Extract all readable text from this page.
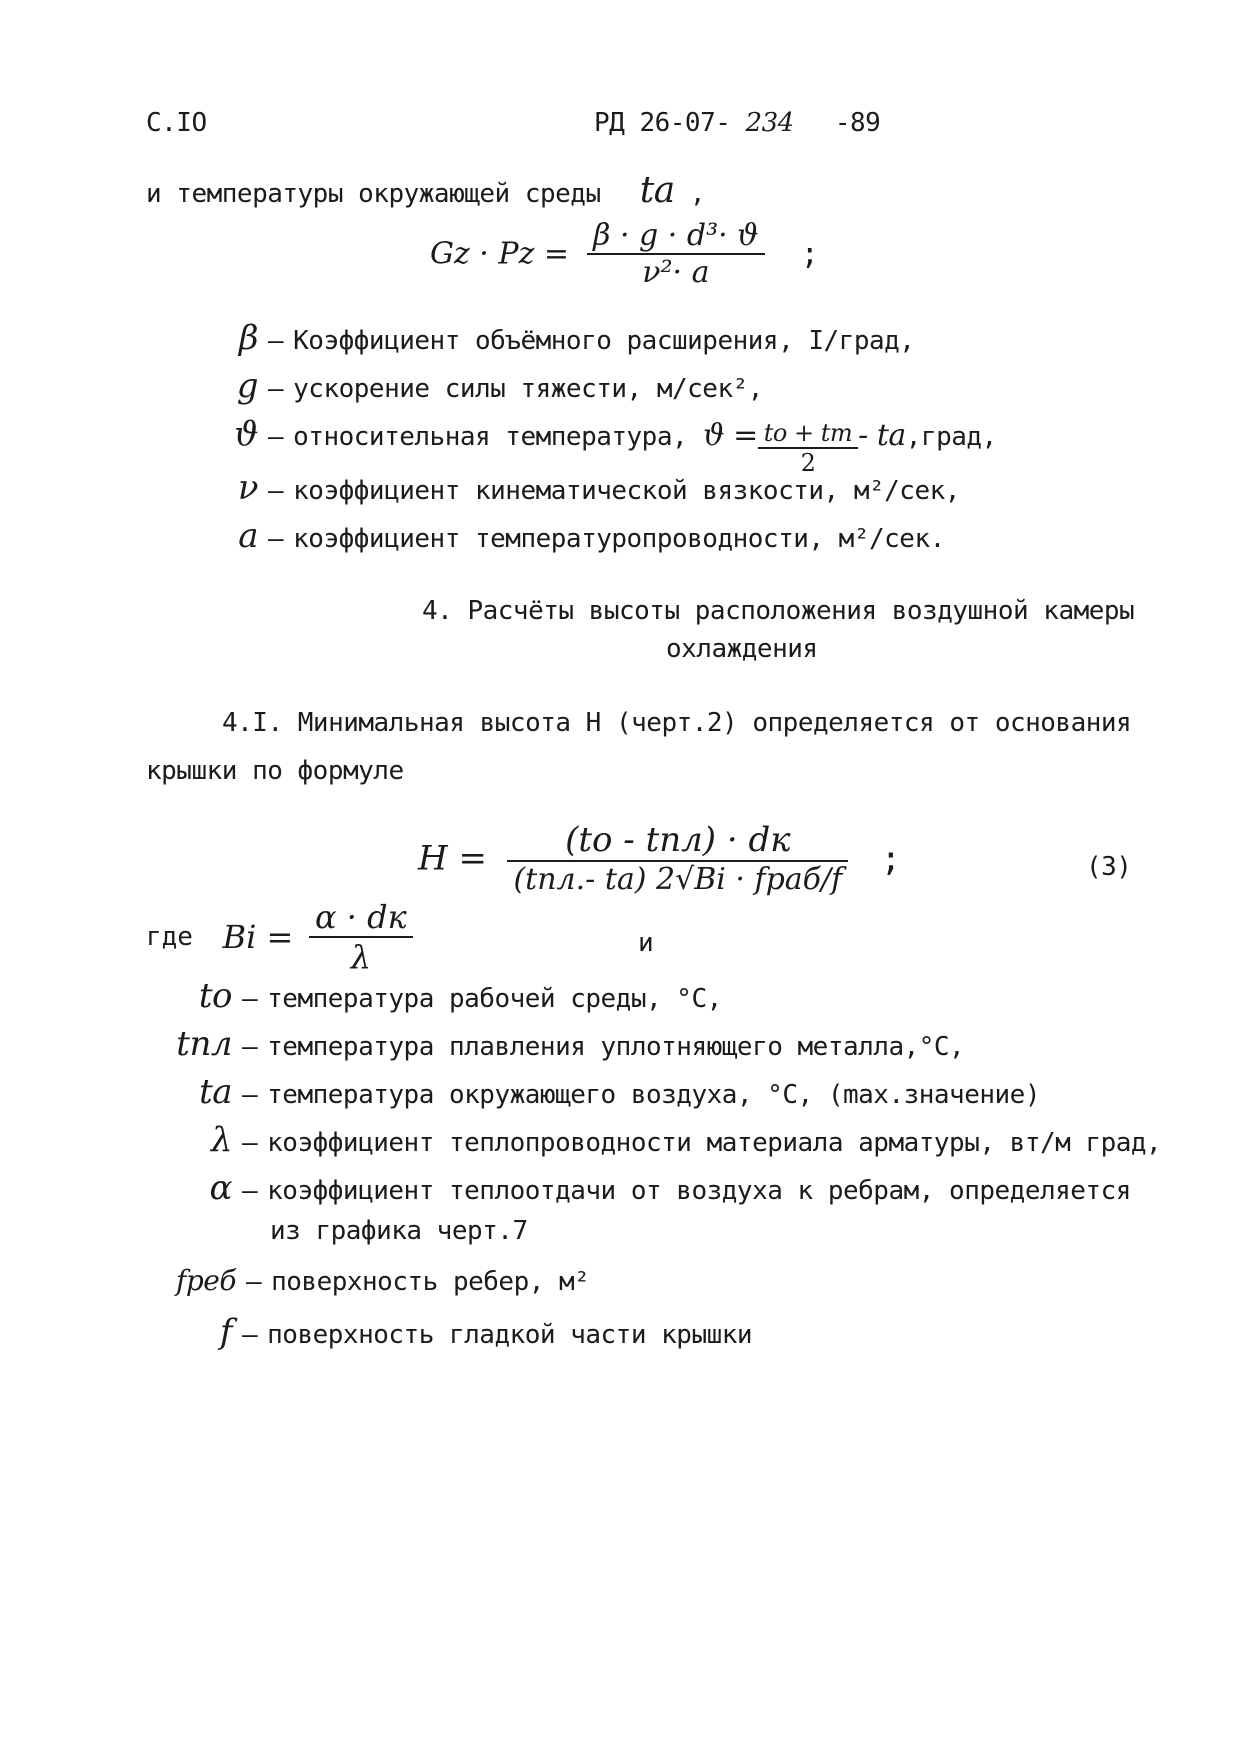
С.IO	РД 26-07- 234 -89
и температуры окружающей среды ta ,
$Gz \cdot Pz = \frac{\text{β · g · d³· ϑ}}{\text{ν²· a}}$ ;
β – Коэффициент объёмного расширения, I/град,
g – ускорение силы тяжести, м/сек²,
ϑ – относительная температура, $ϑ = \frac{to + tm}{2}$ - ta ,град,
ν – коэффициент кинематической вязкости, м²/сек,
a – коэффициент температуропроводности, м²/сек.
4. Расчёты высоты расположения воздушной камеры
охлаждения
4.I. Минимальная высота Н (черт.2) определяется от основания
крышки по формуле
$H = \frac{\text{(to - tпл) · dк}}{\text{(tпл.- ta) 2√Bi · fpaб/f}}$ ;	(3)
где $Bi = \frac{\alpha \cdot dк}{\lambda}$	и
to – температура рабочей среды, °С,
tпл – температура плавления уплотняющего металла,°С,
ta – температура окружающего воздуха, °С, (max.значение)
λ – коэффициент теплопроводности материала арматуры, вт/м град,
α – коэффициент теплоотдачи от воздуха к ребрам, определяется
из графика черт.7
fреб – поверхность ребер, м²
f – поверхность гладкой части крышки
